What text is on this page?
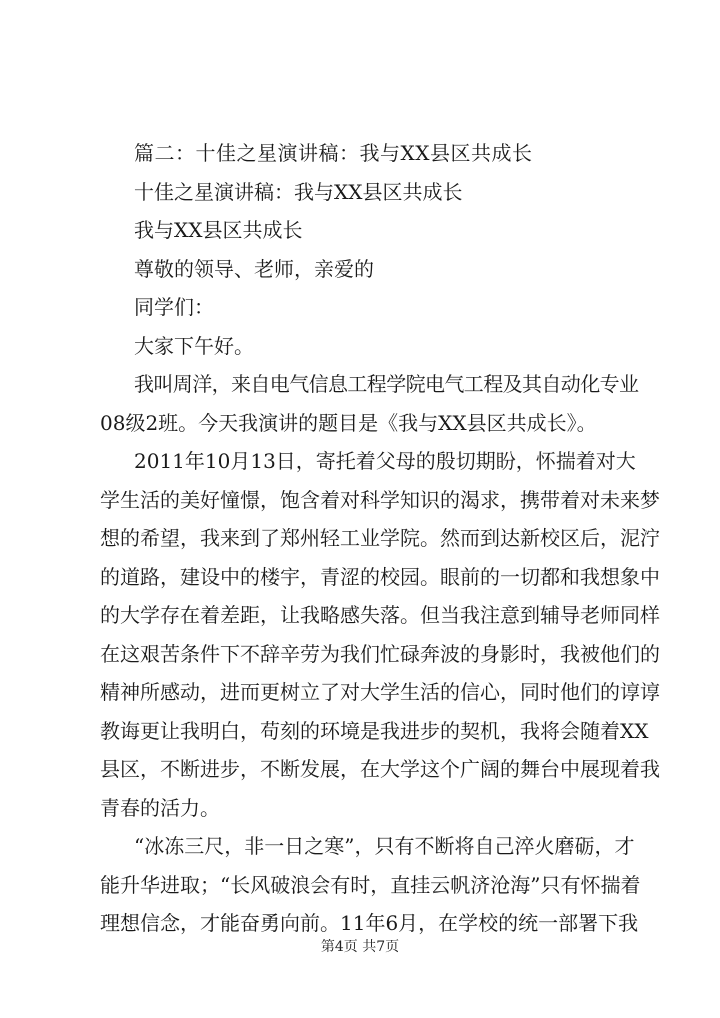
篇二：十佳之星演讲稿：我与XX县区共成长
十佳之星演讲稿：我与XX县区共成长
我与XX县区共成长
尊敬的领导、老师，亲爱的
同学们：
大家下午好。
我叫周洋，来自电气信息工程学院电气工程及其自动化专业
08级2班。今天我演讲的题目是《我与XX县区共成长》。
2011年10月13日，寄托着父母的殷切期盼，怀揣着对大
学生活的美好憧憬，饱含着对科学知识的渴求，携带着对未来梦
想的希望，我来到了郑州轻工业学院。然而到达新校区后，泥泞
的道路，建设中的楼宇，青涩的校园。眼前的一切都和我想象中
的大学存在着差距，让我略感失落。但当我注意到辅导老师同样
在这艰苦条件下不辞辛劳为我们忙碌奔波的身影时，我被他们的
精神所感动，进而更树立了对大学生活的信心，同时他们的谆谆
教诲更让我明白，苟刻的环境是我进步的契机，我将会随着XX
县区，不断进步，不断发展，在大学这个广阔的舞台中展现着我
青春的活力。
“冰冻三尺，非一日之寒”，只有不断将自己淬火磨砺，才
能升华进取；“长风破浪会有时，直挂云帆济沧海”只有怀揣着
理想信念，才能奋勇向前。11年6月，在学校的统一部署下我
第4页 共7页
